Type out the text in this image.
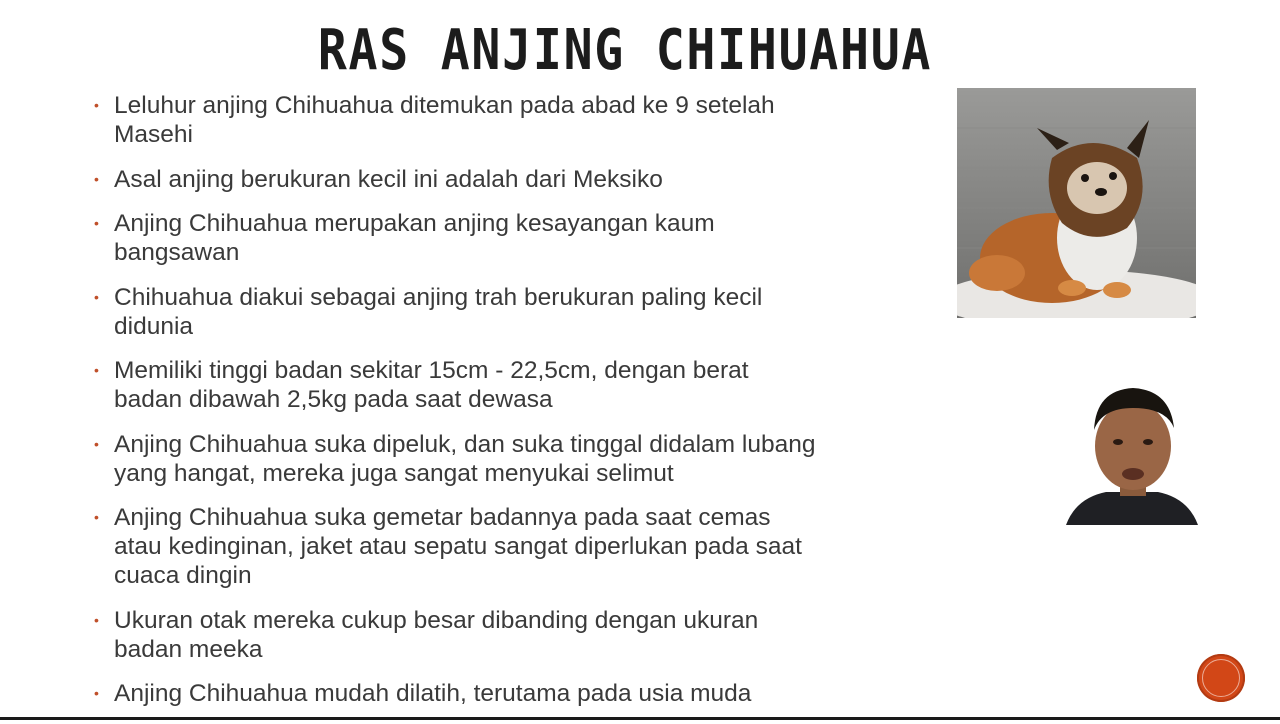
RAS ANJING CHIHUAHUA
• Leluhur anjing Chihuahua ditemukan pada abad ke 9 setelah
Masehi
• Asal anjing berukuran kecil ini adalah dari Meksiko
• Anjing Chihuahua merupakan anjing kesayangan kaum
bangsawan
• Chihuahua diakui sebagai anjing trah berukuran paling kecil
didunia
• Memiliki tinggi badan sekitar 15cm - 22,5cm, dengan berat
badan dibawah 2,5kg pada saat dewasa
• Anjing Chihuahua suka dipeluk, dan suka tinggal didalam lubang
yang hangat, mereka juga sangat menyukai selimut
• Anjing Chihuahua suka gemetar badannya pada saat cemas
atau kedinginan, jaket atau sepatu sangat diperlukan pada saat
cuaca dingin
• Ukuran otak mereka cukup besar dibanding dengan ukuran
badan meeka
• Anjing Chihuahua mudah dilatih, terutama pada usia muda
